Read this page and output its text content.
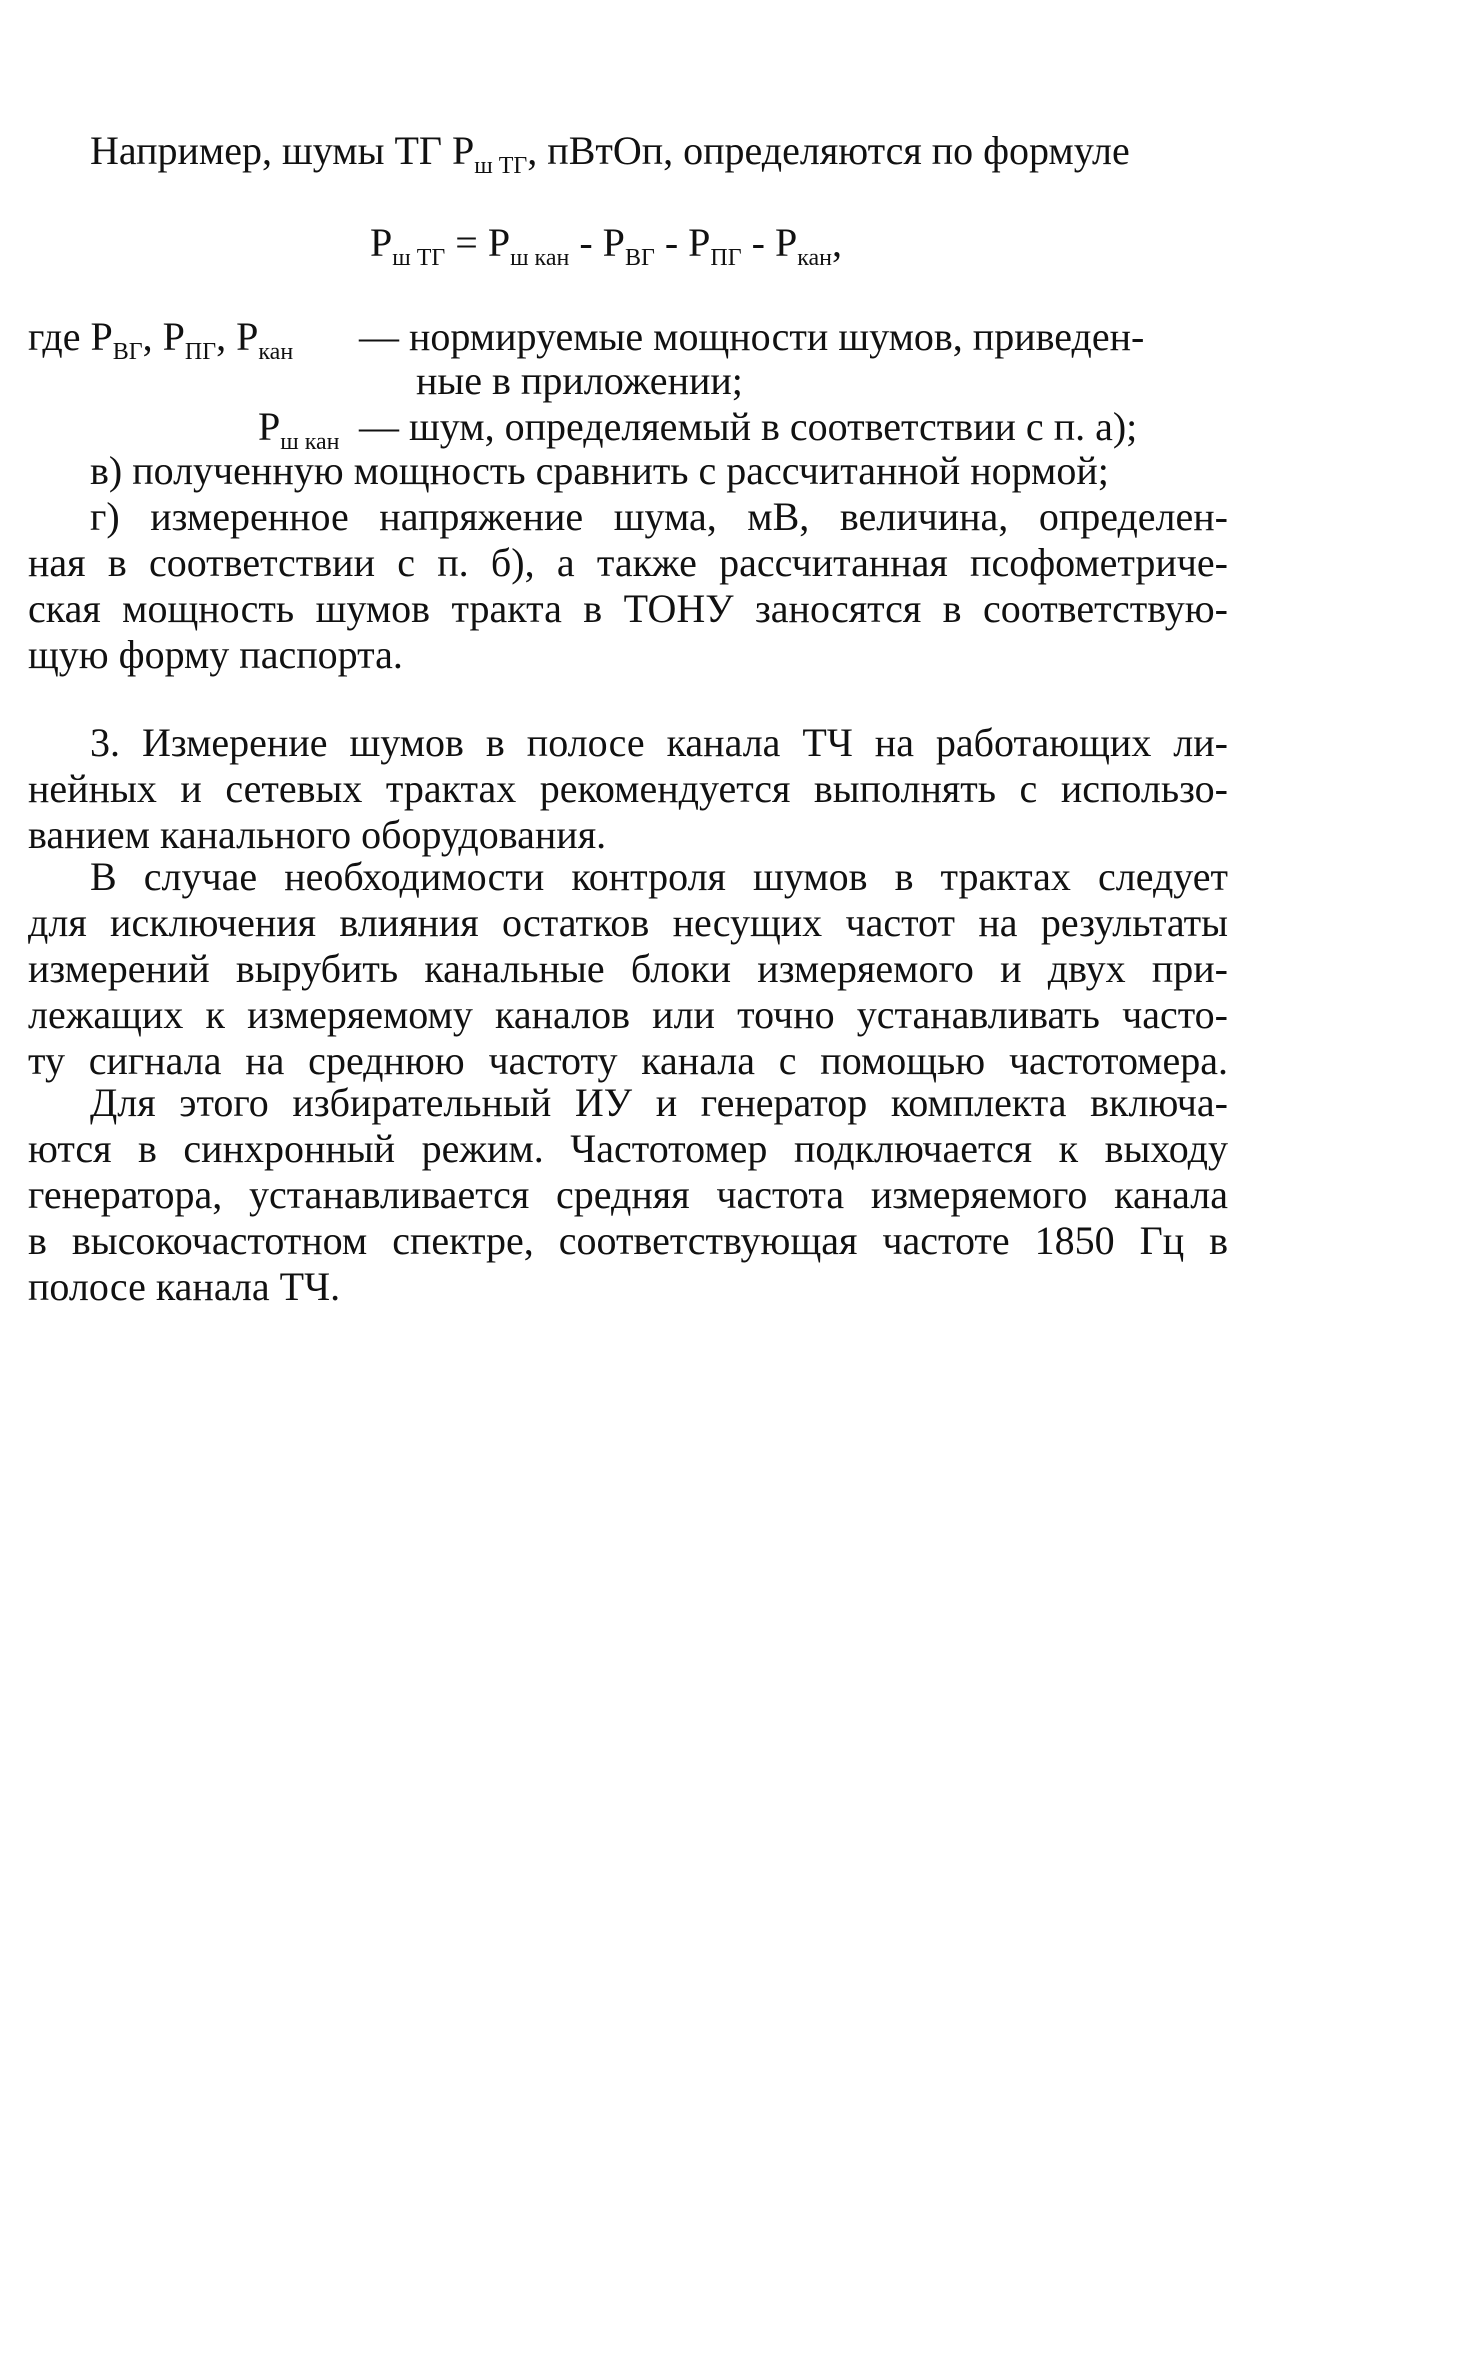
Например, шумы ТГ $Р_{ш ТГ}$, пВтОп, определяются по формуле
$Р_{ш ТГ} = Р_{ш кан} - Р_{ВГ} - Р_{ПГ} - Р_{кан}$,
где $Р_{ВГ}$, $Р_{ПГ}$, $Р_{кан}$ — нормируемые мощности шумов, приведен-
ные в приложении;
$Р_{ш кан}$ — шум, определяемый в соответствии с п. а);
в) полученную мощность сравнить с рассчитанной нормой;
г) измеренное напряжение шума, мВ, величина, определен-
ная в соответствии с п. б), а также рассчитанная псофометриче-
ская мощность шумов тракта в ТОНУ заносятся в соответствую-
щую форму паспорта.
3. Измерение шумов в полосе канала ТЧ на работающих ли-
нейных и сетевых трактах рекомендуется выполнять с использо-
ванием канального оборудования.
В случае необходимости контроля шумов в трактах следует
для исключения влияния остатков несущих частот на результаты
измерений вырубить канальные блоки измеряемого и двух при-
лежащих к измеряемому каналов или точно устанавливать часто-
ту сигнала на среднюю частоту канала с помощью частотомера.
Для этого избирательный ИУ и генератор комплекта включа-
ются в синхронный режим. Частотомер подключается к выходу
генератора, устанавливается средняя частота измеряемого канала
в высокочастотном спектре, соответствующая частоте 1850 Гц в
полосе канала ТЧ.
